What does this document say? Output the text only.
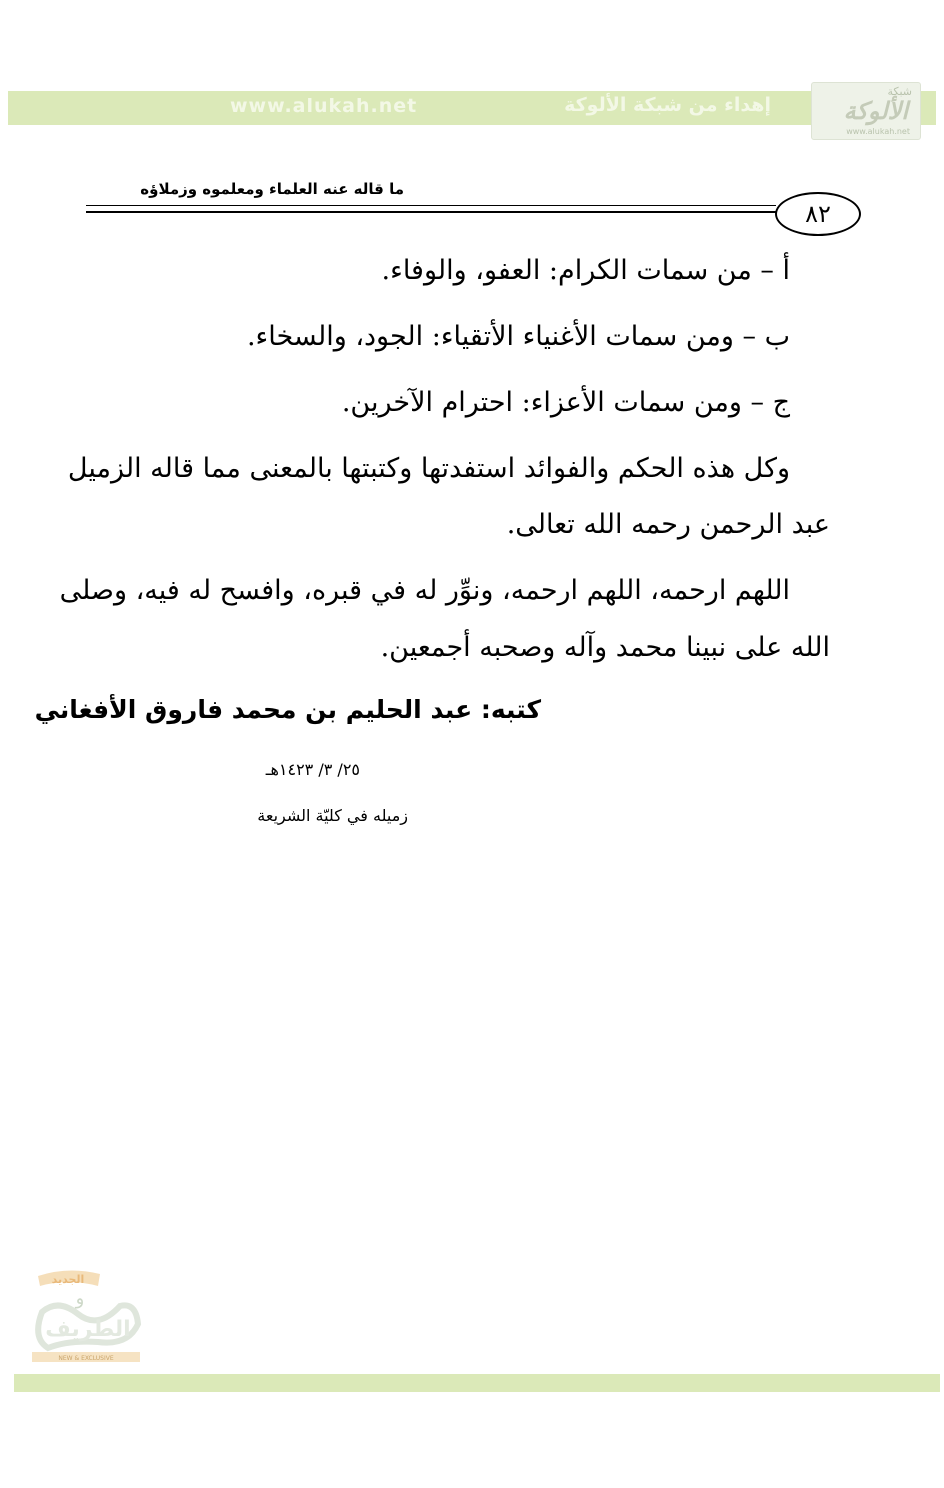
www.alukah.net	إهداء من شبكة الألوكة
شبكة
الألوكة
www.alukah.net
ما قاله عنه العلماء ومعلموه وزملاؤه
٨٢
أ – من سمات الكرام: العفو، والوفاء.
ب – ومن سمات الأغنياء الأتقياء: الجود، والسخاء.
ج – ومن سمات الأعزاء: احترام الآخرين.
وكل هذه الحكم والفوائد استفدتها وكتبتها بالمعنى مما قاله الزميل
عبد الرحمن رحمه الله تعالى.
اللهم ارحمه، اللهم ارحمه، ونوِّر له في قبره، وافسح له فيه، وصلى
الله على نبينا محمد وآله وصحبه أجمعين.
كتبه: عبد الحليم بن محمد فاروق الأفغاني
٢٥/ ٣/ ١٤٢٣هـ
زميله في كليّة الشريعة
الجديد
و
الطريف
NEW & EXCLUSIVE
